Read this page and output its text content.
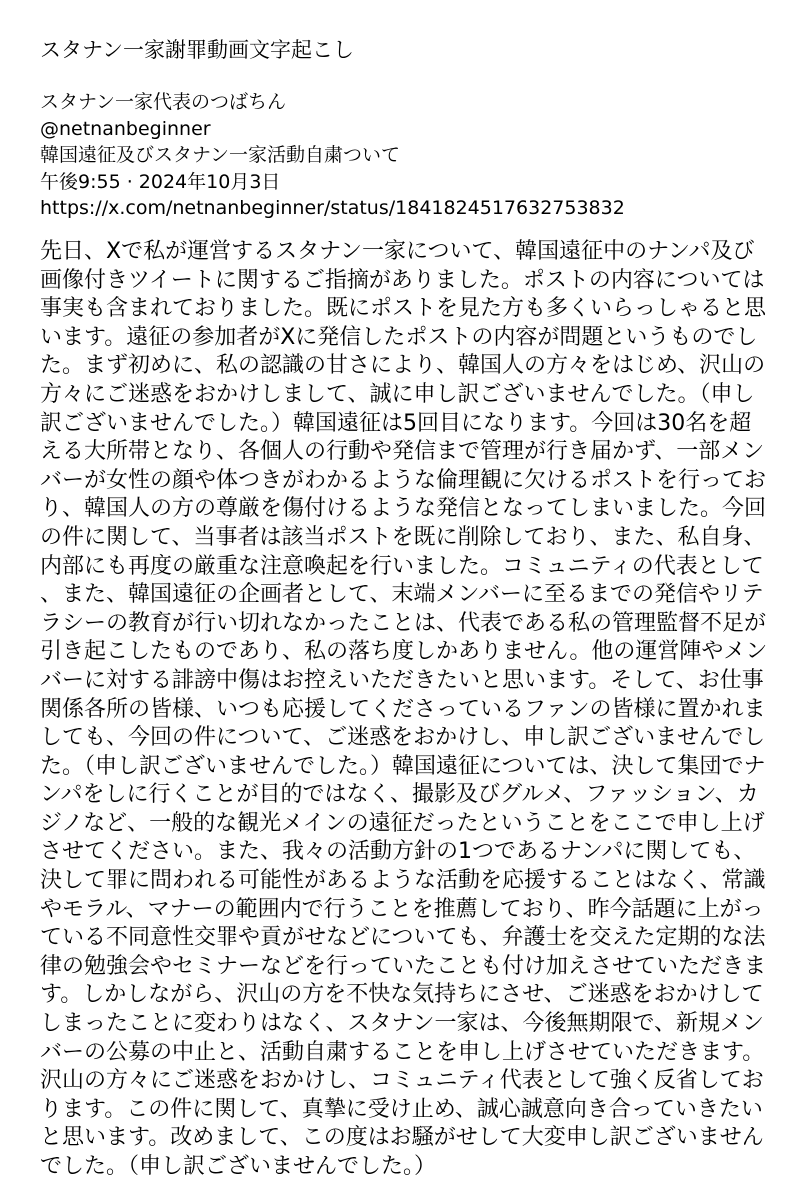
スタナン一家謝罪動画文字起こし
スタナン一家代表のつばちん
@netnanbeginner
韓国遠征及びスタナン一家活動自粛ついて
午後9:55 · 2024年10月3日
https://x.com/netnanbeginner/status/1841824517632753832
先日、Xで私が運営するスタナン一家について、韓国遠征中のナンパ及び画像付きツイートに関するご指摘がありました。ポストの内容については事実も含まれておりました。既にポストを見た方も多くいらっしゃると思います。遠征の参加者がXに発信したポストの内容が問題というものでした。まず初めに、私の認識の甘さにより、韓国人の方々をはじめ、沢山の方々にご迷惑をおかけしまして、誠に申し訳ございませんでした。（申し訳ございませんでした。）韓国遠征は5回目になります。今回は30名を超える大所帯となり、各個人の行動や発信まで管理が行き届かず、一部メンバーが女性の顔や体つきがわかるような倫理観に欠けるポストを行っており、韓国人の方の尊厳を傷付けるような発信となってしまいました。今回の件に関して、当事者は該当ポストを既に削除しており、また、私自身、内部にも再度の厳重な注意喚起を行いました。コミュニティの代表として、また、韓国遠征の企画者として、末端メンバーに至るまでの発信やリテラシーの教育が行い切れなかったことは、代表である私の管理監督不足が引き起こしたものであり、私の落ち度しかありません。他の運営陣やメンバーに対する誹謗中傷はお控えいただきたいと思います。そして、お仕事関係各所の皆様、いつも応援してくださっているファンの皆様に置かれましても、今回の件について、ご迷惑をおかけし、申し訳ございませんでした。（申し訳ございませんでした。）韓国遠征については、決して集団でナンパをしに行くことが目的ではなく、撮影及びグルメ、ファッション、カジノなど、一般的な観光メインの遠征だったということをここで申し上げさせてください。また、我々の活動方針の1つであるナンパに関しても、決して罪に問われる可能性があるような活動を応援することはなく、常識やモラル、マナーの範囲内で行うことを推薦しており、昨今話題に上がっている不同意性交罪や貢がせなどについても、弁護士を交えた定期的な法律の勉強会やセミナーなどを行っていたことも付け加えさせていただきます。しかしながら、沢山の方を不快な気持ちにさせ、ご迷惑をおかけしてしまったことに変わりはなく、スタナン一家は、今後無期限で、新規メンバーの公募の中止と、活動自粛することを申し上げさせていただきます。沢山の方々にご迷惑をおかけし、コミュニティ代表として強く反省しております。この件に関して、真摯に受け止め、誠心誠意向き合っていきたいと思います。改めまして、この度はお騒がせして大変申し訳ございませんでした。（申し訳ございませんでした。）
